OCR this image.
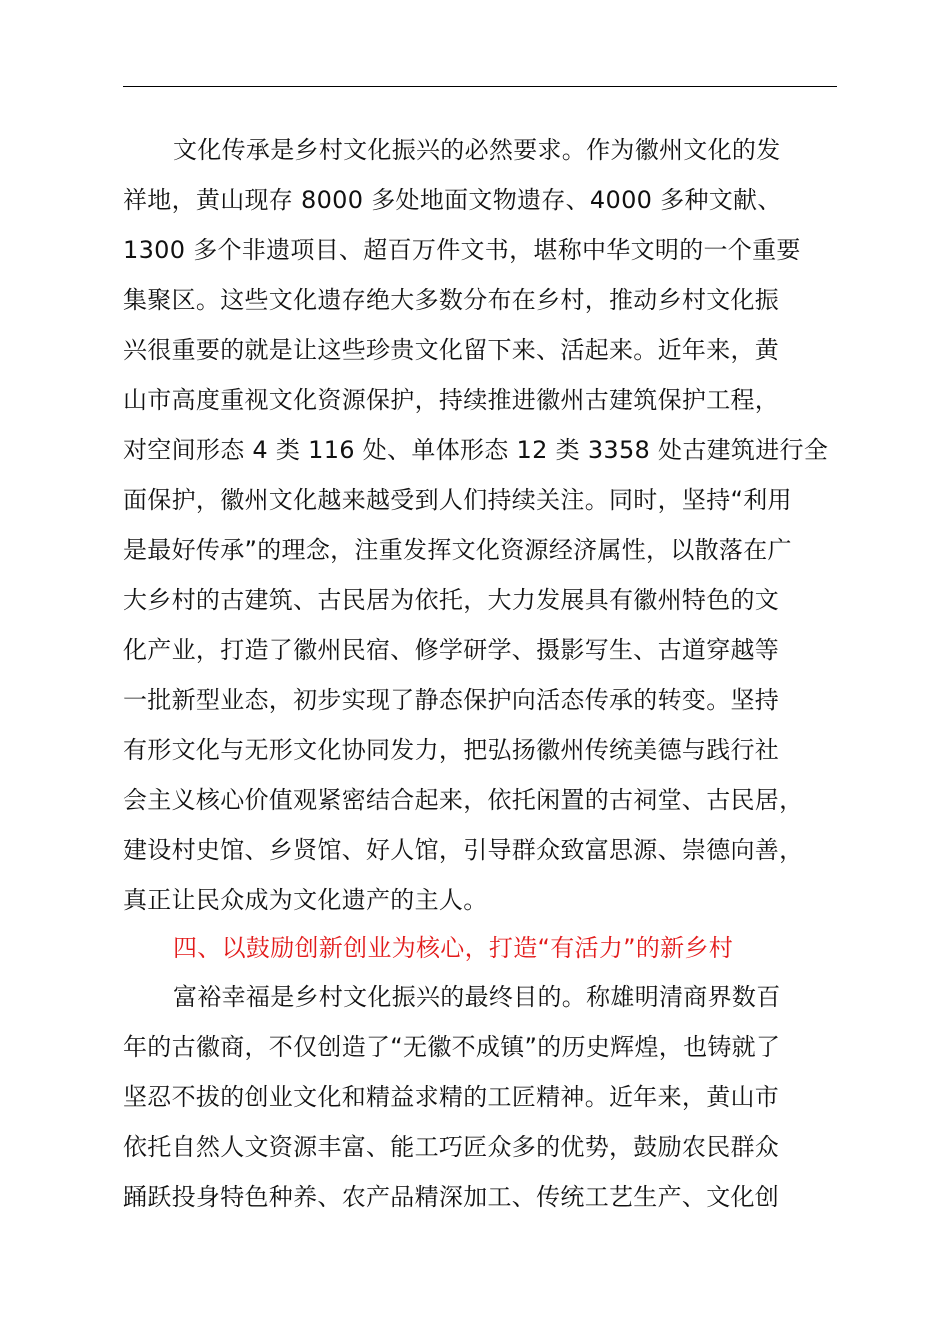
文化传承是乡村文化振兴的必然要求。作为徽州文化的发
祥地，黄山现存 8000 多处地面文物遗存、4000 多种文献、
1300 多个非遗项目、超百万件文书，堪称中华文明的一个重要
集聚区。这些文化遗存绝大多数分布在乡村，推动乡村文化振
兴很重要的就是让这些珍贵文化留下来、活起来。近年来，黄
山市高度重视文化资源保护，持续推进徽州古建筑保护工程，
对空间形态 4 类 116 处、单体形态 12 类 3358 处古建筑进行全
面保护，徽州文化越来越受到人们持续关注。同时，坚持“利用
是最好传承”的理念，注重发挥文化资源经济属性，以散落在广
大乡村的古建筑、古民居为依托，大力发展具有徽州特色的文
化产业，打造了徽州民宿、修学研学、摄影写生、古道穿越等
一批新型业态，初步实现了静态保护向活态传承的转变。坚持
有形文化与无形文化协同发力，把弘扬徽州传统美德与践行社
会主义核心价值观紧密结合起来，依托闲置的古祠堂、古民居，
建设村史馆、乡贤馆、好人馆，引导群众致富思源、崇德向善，
真正让民众成为文化遗产的主人。
四、以鼓励创新创业为核心，打造“有活力”的新乡村
富裕幸福是乡村文化振兴的最终目的。称雄明清商界数百
年的古徽商，不仅创造了“无徽不成镇”的历史辉煌，也铸就了
坚忍不拔的创业文化和精益求精的工匠精神。近年来，黄山市
依托自然人文资源丰富、能工巧匠众多的优势，鼓励农民群众
踊跃投身特色种养、农产品精深加工、传统工艺生产、文化创
